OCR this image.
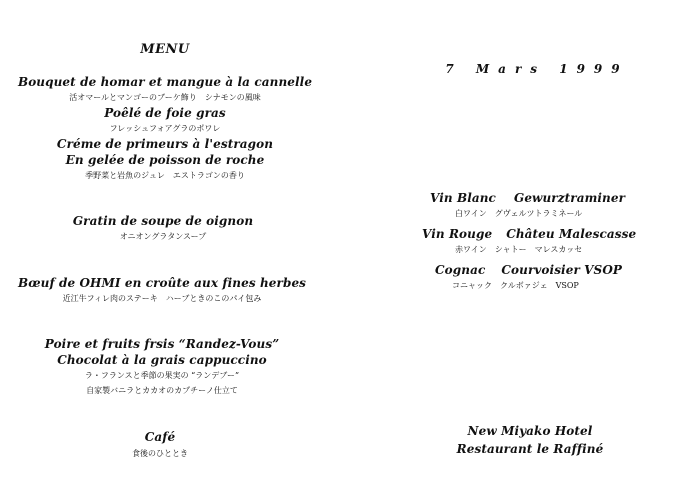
MENU
Bouquet de homar et mangue à la cannelle
活オマールとマンゴーのブーケ飾り　シナモンの風味
Poêlé de foie gras
フレッシュフォアグラのポワレ
Créme de primeurs à l'estragon
En gelée de poisson de roche
季野菜と岩魚のジュレ　エストラゴンの香り
Gratin de soupe de oignon
オニオングラタンスープ
Bœuf de OHMI en croûte aux fines herbes
近江牛フィレ肉のステーキ　ハーブときのこのパイ包み
Poire et fruits frsis “Randez-Vous”
Chocolat à la grais cappuccino
ラ・フランスと季節の果実の “ランデブー”
自家製バニラとカカオのカプチーノ仕立て
Café
食後のひととき
7 Mars 1999
Vin Blanc Gewurztraminer
白ワイン　グヴェルツトラミネール
Vin Rouge Châteu Malescasse
赤ワイン　シャトー　マレスカッセ
Cognac Courvoisier VSOP
コニャック　クルボァジェ　VSOP
New Miyako Hotel
Restaurant le Raffiné
